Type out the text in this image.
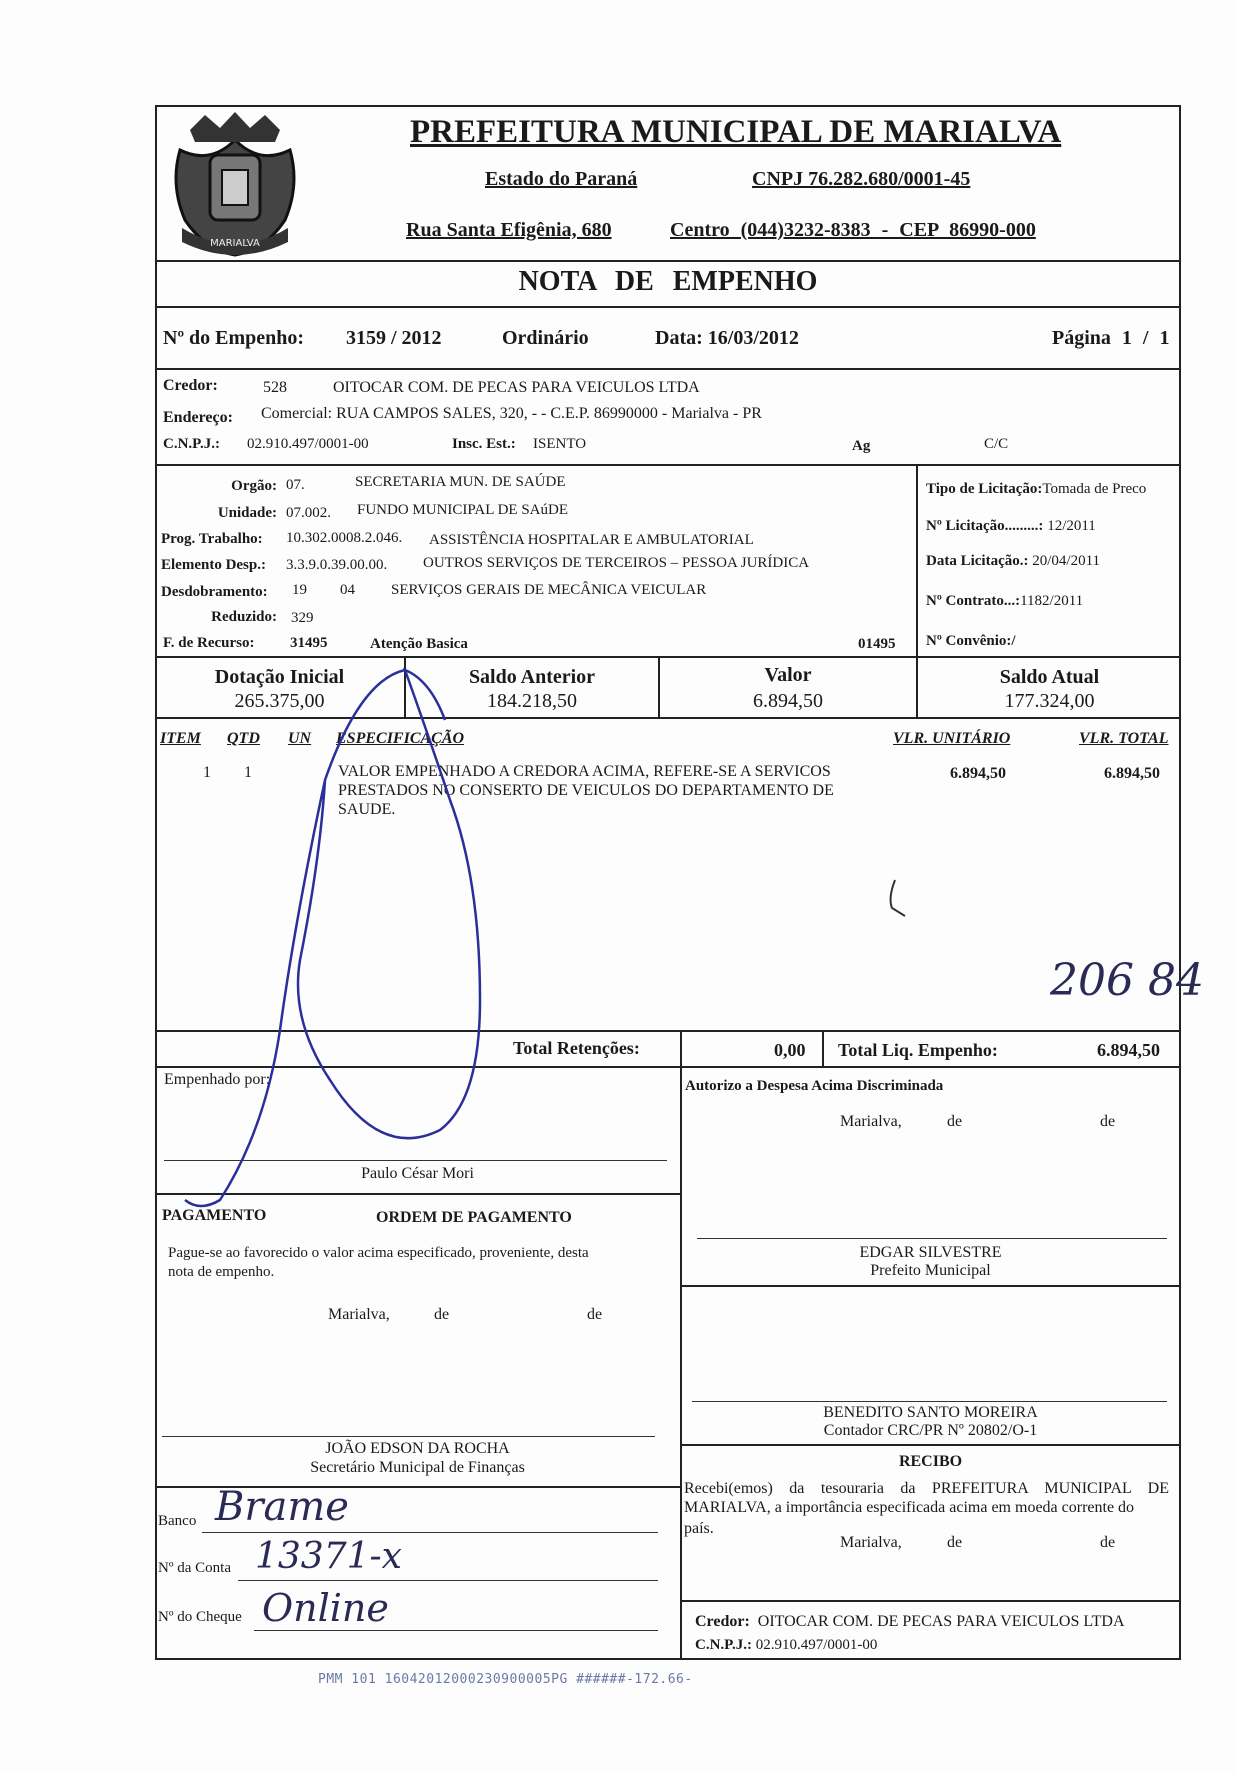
MARIALVA
PREFEITURA MUNICIPAL DE MARIALVA
Estado do Paraná	CNPJ 76.282.680/0001-45
Rua Santa Efigênia, 680	Centro (044)3232-8383 - CEP 86990-000
NOTA DE EMPENHO
Nº do Empenho: 3159 / 2012	Ordinário	Data: 16/03/2012	Página 1 / 1
Credor:	528	OITOCAR COM. DE PECAS PARA VEICULOS LTDA
Endereço: Comercial: RUA CAMPOS SALES, 320, - - C.E.P. 86990000 - Marialva - PR
C.N.P.J.: 02.910.497/0001-00	Insc. Est.: ISENTO	Ag	C/C
Orgão: 07.	SECRETARIA MUN. DE SAÚDE
Unidade: 07.002. FUNDO MUNICIPAL DE SAúDE
Prog. Trabalho: 10.302.0008.2.046. ASSISTÊNCIA HOSPITALAR E AMBULATORIAL
Elemento Desp.: 3.3.9.0.39.00.00. OUTROS SERVIÇOS DE TERCEIROS – PESSOA JURÍDICA
Desdobramento: 19 04 SERVIÇOS GERAIS DE MECÂNICA VEICULAR
Reduzido: 329
F. de Recurso: 31495	Atenção Basica	01495
Tipo de Licitação:Tomada de Preco
Nº Licitação.........: 12/2011
Data Licitação.: 20/04/2011
Nº Contrato...:1182/2011
Nº Convênio:/
Dotação Inicial
265.375,00
Saldo Anterior
184.218,50
Valor
6.894,50
Saldo Atual
177.324,00
ITEM QTD UN ESPECIFICAÇÃO	VLR. UNITÁRIO	VLR. TOTAL
1 1	VALOR EMPENHADO A CREDORA ACIMA, REFERE-SE A SERVICOS
PRESTADOS NO CONSERTO DE VEICULOS DO DEPARTAMENTO DE
SAUDE.
6.894,50	6.894,50
206 84
Total Retenções:	0,00 Total Liq. Empenho:	6.894,50
Empenhado por:
Paulo César Mori
Autorizo a Despesa Acima Discriminada
Marialva,	de	de
EDGAR SILVESTRE
Prefeito Municipal
BENEDITO SANTO MOREIRA
Contador CRC/PR Nº 20802/O-1
PAGAMENTO	ORDEM DE PAGAMENTO
Pague-se ao favorecido o valor acima especificado, proveniente, desta
nota de empenho.
Marialva,	de	de
JOÃO EDSON DA ROCHA
Secretário Municipal de Finanças
Banco Brame
Nº da Conta 13371-x
Nº do Cheque Online
RECIBO
Recebi(emos) da tesouraria da PREFEITURA MUNICIPAL DE
MARIALVA, a importância especificada acima em moeda corrente do
país.
Marialva,	de	de
Credor: OITOCAR COM. DE PECAS PARA VEICULOS LTDA
C.N.P.J.: 02.910.497/0001-00
PMM 101 16042012000230900005PG ######-172.66-
